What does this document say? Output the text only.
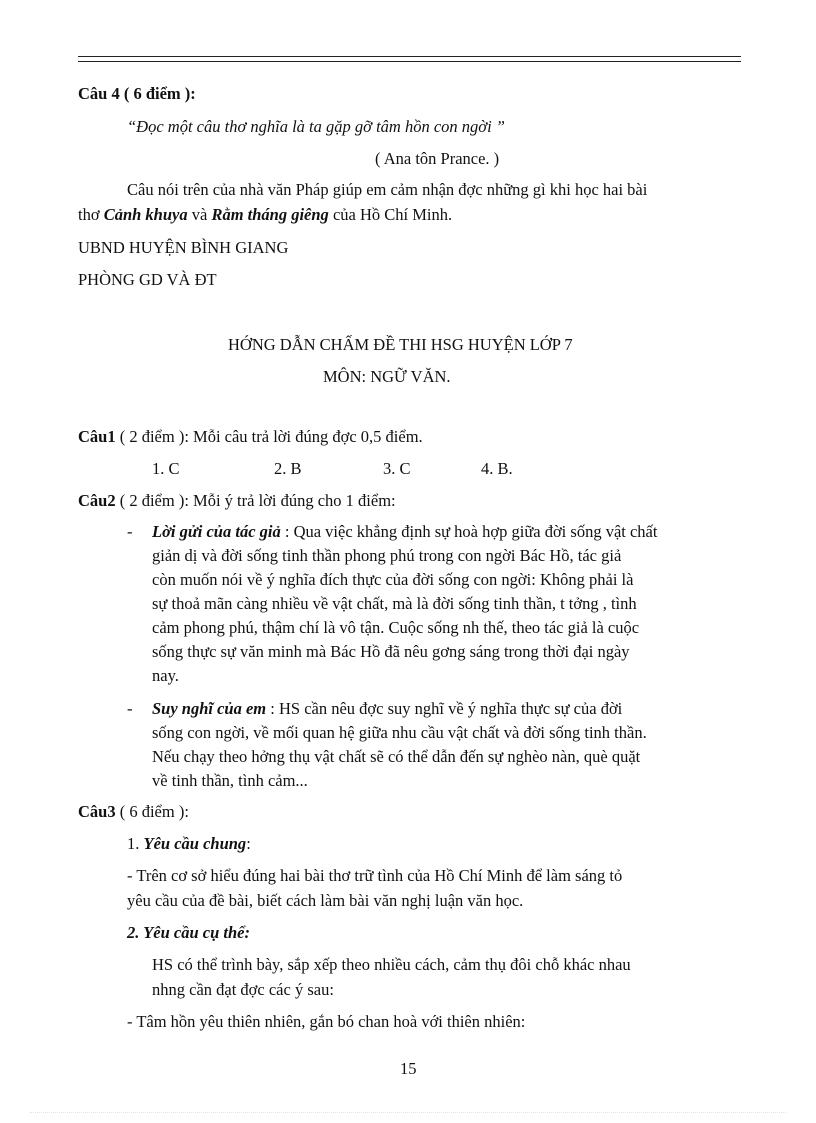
Câu 4 ( 6 điểm ):
“Đọc một câu thơ nghĩa là ta gặp gỡ tâm hồn con ngời ”
( Ana tôn Prance. )
Câu nói trên của nhà văn Pháp giúp em cảm nhận đợc những gì khi học hai bài
thơ Cảnh khuya và Rằm tháng giêng của Hồ Chí Minh.
UBND HUYỆN BÌNH GIANG
PHÒNG GD VÀ ĐT
HỚNG DẪN CHẤM ĐỀ THI HSG HUYỆN LỚP 7
MÔN: NGỮ VĂN.
Câu1 ( 2 điểm ): Mỗi câu trả lời đúng đợc 0,5 điểm.
1. C	2. B	3. C	4. B.
Câu2 ( 2 điểm ): Mỗi ý trả lời đúng cho 1 điểm:
- Lời gửi của tác giả : Qua việc khẳng định sự hoà hợp giữa đời sống vật chất
giản dị và đời sống tinh thần phong phú trong con ngời Bác Hồ, tác giả
còn muốn nói về ý nghĩa đích thực của đời sống con ngời: Không phải là
sự thoả mãn càng nhiều về vật chất, mà là đời sống tinh thần, t tởng , tình
cảm phong phú, thậm chí là vô tận. Cuộc sống nh thế, theo tác giả là cuộc
sống thực sự văn minh mà Bác Hồ đã nêu gơng sáng trong thời đại ngày
nay.
- Suy nghĩ của em : HS cần nêu đợc suy nghĩ về ý nghĩa thực sự của đời
sống con ngời, về mối quan hệ giữa nhu cầu vật chất và đời sống tinh thần.
Nếu chạy theo hởng thụ vật chất sẽ có thể dẫn đến sự nghèo nàn, què quặt
về tinh thần, tình cảm...
Câu3 ( 6 điểm ):
1. Yêu cầu chung:
- Trên cơ sở hiểu đúng hai bài thơ trữ tình của Hồ Chí Minh để làm sáng tỏ
yêu cầu của đề bài, biết cách làm bài văn nghị luận văn học.
2. Yêu cầu cụ thể:
HS có thể trình bày, sắp xếp theo nhiều cách, cảm thụ đôi chỗ khác nhau
nhng cần đạt đợc các ý sau:
- Tâm hồn yêu thiên nhiên, gắn bó chan hoà với thiên nhiên:
15
